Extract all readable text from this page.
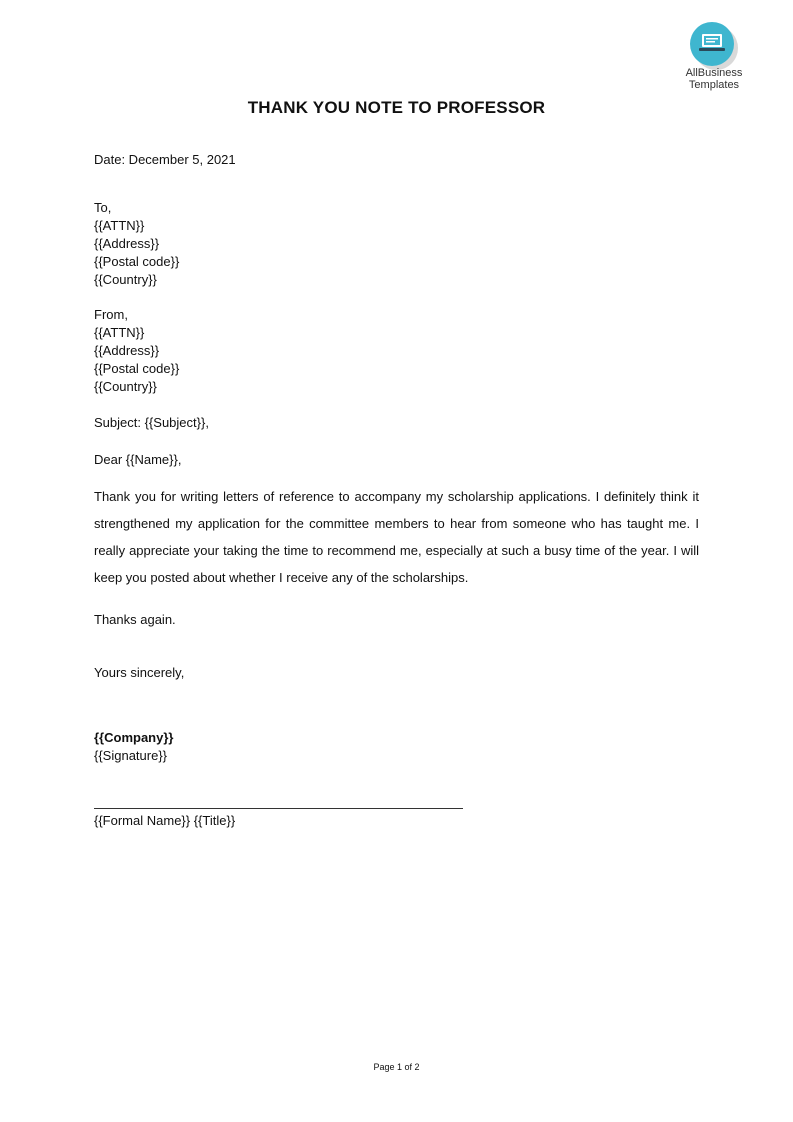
AllBusiness
Templates
THANK YOU NOTE TO PROFESSOR
Date: December 5, 2021
To,
{{ATTN}}
{{Address}}
{{Postal code}}
{{Country}}
From,
{{ATTN}}
{{Address}}
{{Postal code}}
{{Country}}
Subject: {{Subject}},
Dear {{Name}},
Thank you for writing letters of reference to accompany my scholarship applications. I definitely think it strengthened my application for the committee members to hear from someone who has taught me. I really appreciate your taking the time to recommend me, especially at such a busy time of the year. I will keep you posted about whether I receive any of the scholarships.
Thanks again.
Yours sincerely,
{{Company}}
{{Signature}}
{{Formal Name}} {{Title}}
Page 1 of 2
